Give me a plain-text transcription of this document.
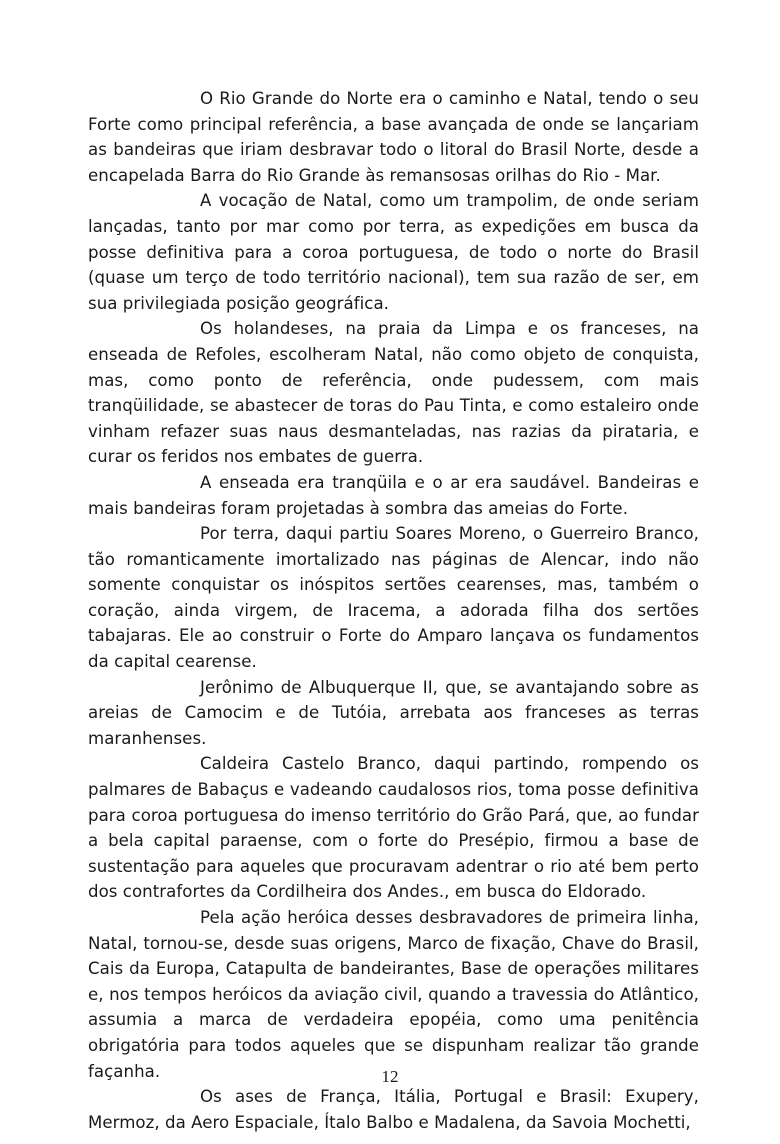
O Rio Grande do Norte era o caminho e Natal, tendo o seu Forte como principal referência, a base avançada de onde se lançariam as bandeiras que iriam desbravar todo o litoral do Brasil Norte, desde a encapelada Barra do Rio Grande às remansosas orilhas do Rio - Mar.

A vocação de Natal, como um trampolim, de onde seriam lançadas, tanto por mar como por terra, as expedições em busca da posse definitiva para a coroa portuguesa, de todo o norte do Brasil (quase um terço de todo território nacional), tem sua razão de ser, em sua privilegiada posição geográfica.

Os holandeses, na praia da Limpa e os franceses, na enseada de Refoles, escolheram Natal, não como objeto de conquista, mas, como ponto de referência, onde pudessem, com mais tranqüilidade, se abastecer de toras do Pau Tinta, e como estaleiro onde vinham refazer suas naus desmanteladas, nas razias da pirataria, e curar os feridos nos embates de guerra.

A enseada era tranqüila e o ar era saudável. Bandeiras e mais bandeiras foram projetadas à sombra das ameias do Forte.

Por terra, daqui partiu Soares Moreno, o Guerreiro Branco, tão romanticamente imortalizado nas páginas de Alencar, indo não somente conquistar os inóspitos sertões cearenses, mas, também o coração, ainda virgem, de Iracema, a adorada filha dos sertões tabajaras. Ele ao construir o Forte do Amparo lançava os fundamentos da capital cearense.

Jerônimo de Albuquerque II, que, se avantajando sobre as areias de Camocim e de Tutóia, arrebata aos franceses as terras maranhenses.

Caldeira Castelo Branco, daqui partindo, rompendo os palmares de Babaçus e vadeando caudalosos rios, toma posse definitiva para coroa portuguesa do imenso território do Grão Pará, que, ao fundar a bela capital paraense, com o forte do Presépio, firmou a base de sustentação para aqueles que procuravam adentrar o rio até bem perto dos contrafortes da Cordilheira dos Andes., em busca do Eldorado.

Pela ação heróica desses desbravadores de primeira linha, Natal, tornou-se, desde suas origens, Marco de fixação, Chave do Brasil, Cais da Europa, Catapulta de bandeirantes, Base de operações militares e, nos tempos heróicos da aviação civil, quando a travessia do Atlântico, assumia a marca de verdadeira epopéia, como uma penitência obrigatória para todos aqueles que se dispunham realizar tão grande façanha.

Os ases de França, Itália, Portugal e Brasil: Exupery, Mermoz, da Aero Espaciale, Ítalo Balbo e Madalena, da Savoia Mochetti,

12
